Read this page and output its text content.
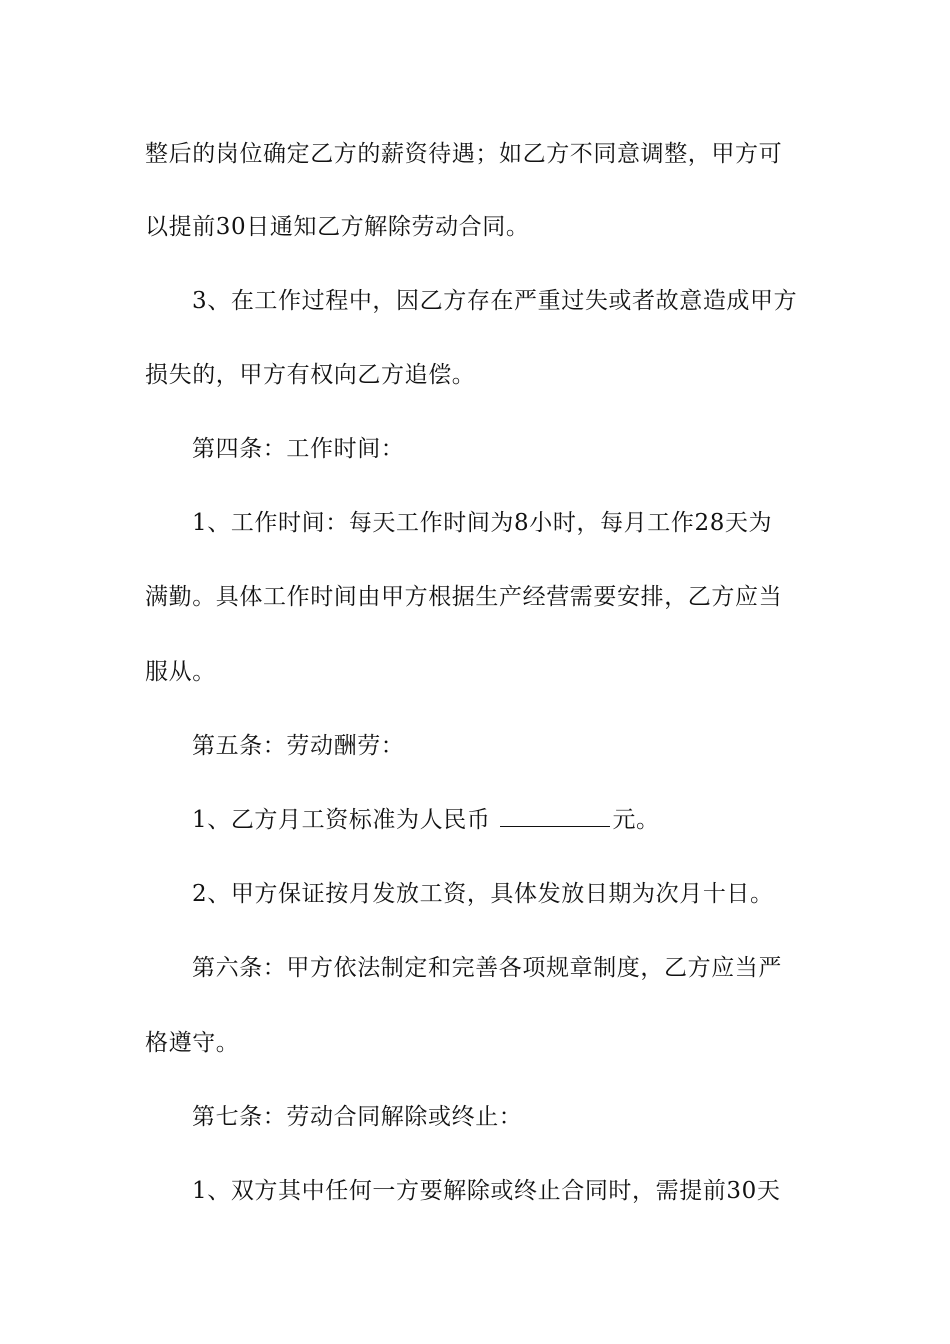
整后的岗位确定乙方的薪资待遇；如乙方不同意调整，甲方可
以提前30日通知乙方解除劳动合同。
3、在工作过程中，因乙方存在严重过失或者故意造成甲方
损失的，甲方有权向乙方追偿。
第四条：工作时间：
1、工作时间：每天工作时间为8小时，每月工作28天为
满勤。具体工作时间由甲方根据生产经营需要安排，乙方应当
服从。
第五条：劳动酬劳：
1、乙方月工资标准为人民币	元。
2、甲方保证按月发放工资，具体发放日期为次月十日。
第六条：甲方依法制定和完善各项规章制度，乙方应当严
格遵守。
第七条：劳动合同解除或终止：
1、双方其中任何一方要解除或终止合同时，需提前30天
